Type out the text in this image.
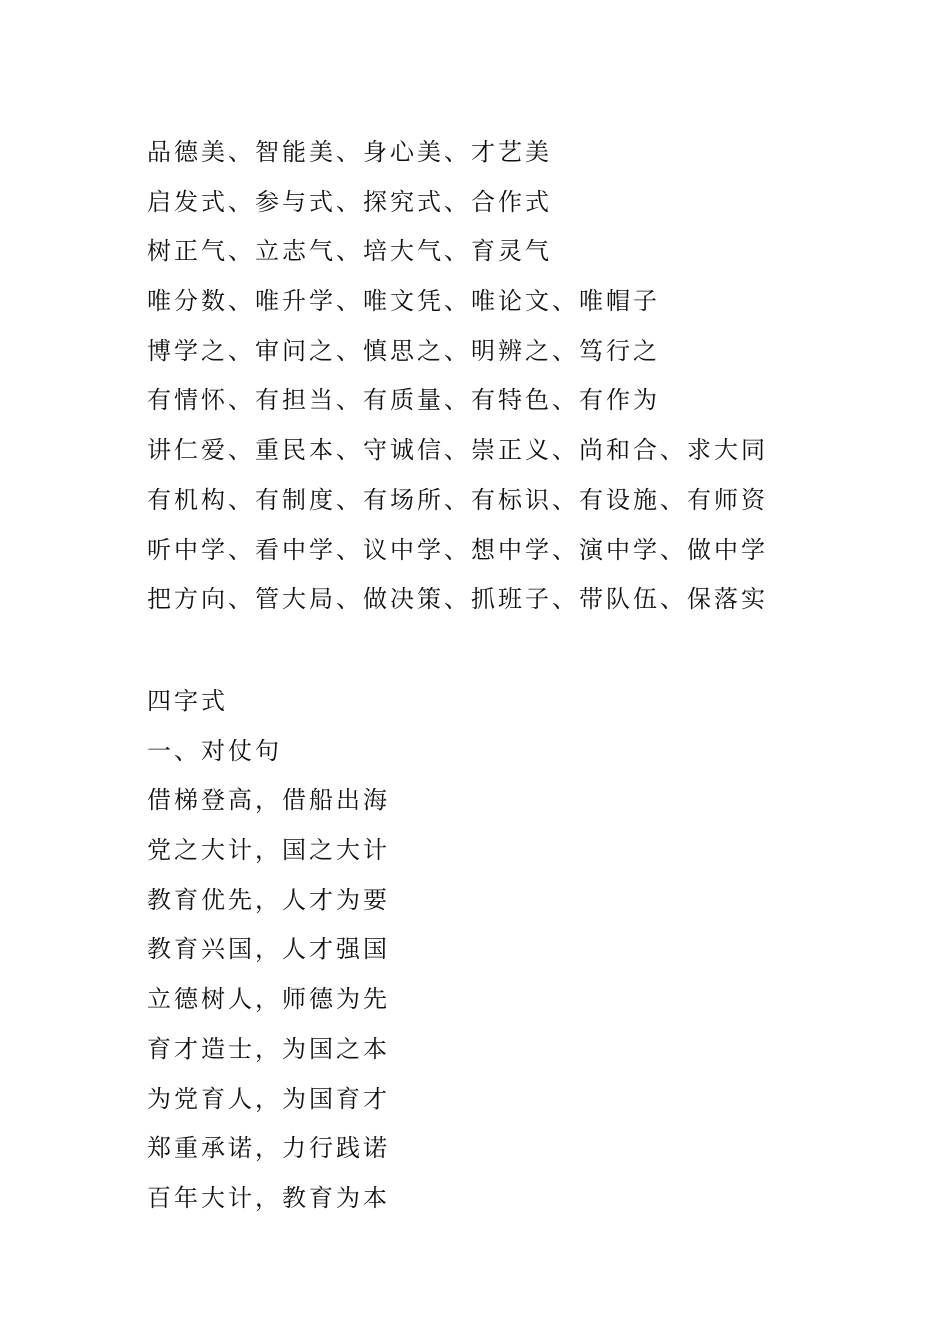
品德美、智能美、身心美、才艺美
启发式、参与式、探究式、合作式
树正气、立志气、培大气、育灵气
唯分数、唯升学、唯文凭、唯论文、唯帽子
博学之、审问之、慎思之、明辨之、笃行之
有情怀、有担当、有质量、有特色、有作为
讲仁爱、重民本、守诚信、崇正义、尚和合、求大同
有机构、有制度、有场所、有标识、有设施、有师资
听中学、看中学、议中学、想中学、演中学、做中学
把方向、管大局、做决策、抓班子、带队伍、保落实
四字式
一、对仗句
借梯登高，借船出海
党之大计，国之大计
教育优先，人才为要
教育兴国，人才强国
立德树人，师德为先
育才造士，为国之本
为党育人，为国育才
郑重承诺，力行践诺
百年大计，教育为本
